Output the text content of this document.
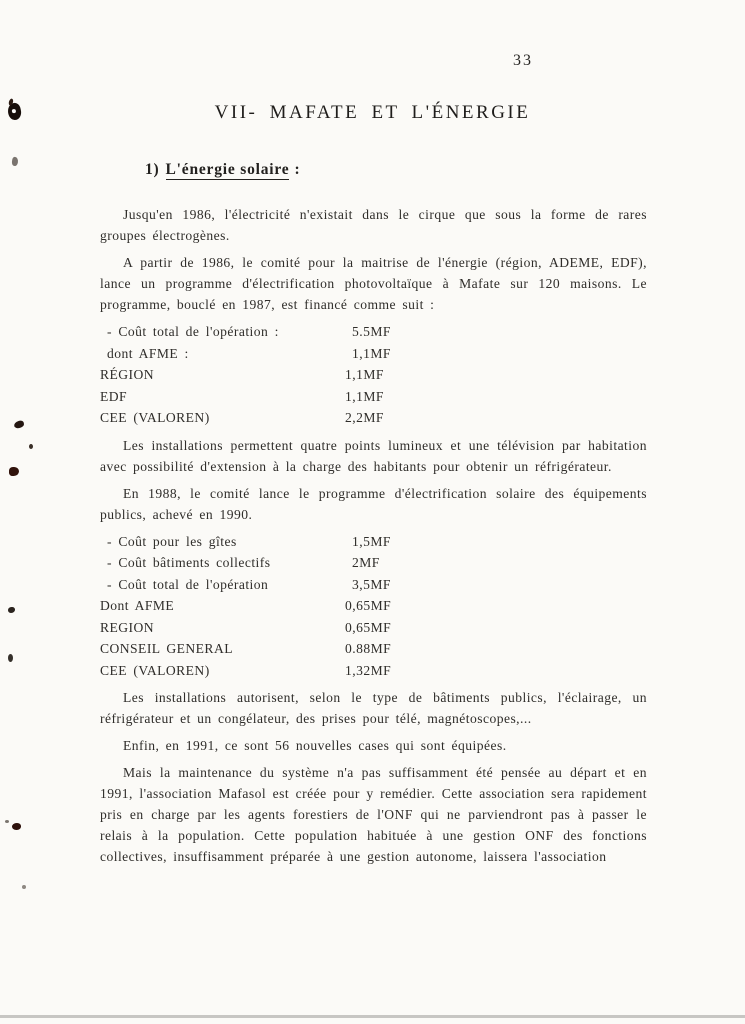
33
VII- MAFATE ET L'ÉNERGIE
1) L'énergie solaire :

Jusqu'en 1986, l'électricité n'existait dans le cirque que sous la forme de rares groupes électrogènes.

A partir de 1986, le comité pour la maitrise de l'énergie (région, ADEME, EDF), lance un programme d'électrification photovoltaïque à Mafate sur 120 maisons. Le programme, bouclé en 1987, est financé comme suit :

- Coût total de l'opération :	5.5MF
dont AFME :	1,1MF
RÉGION	1,1MF
EDF	1,1MF
CEE (VALOREN)	2,2MF

Les installations permettent quatre points lumineux et une télévision par habitation avec possibilité d'extension à la charge des habitants pour obtenir un réfrigérateur.

En 1988, le comité lance le programme d'électrification solaire des équipements publics, achevé en 1990.

- Coût pour les gîtes	1,5MF
- Coût bâtiments collectifs	2MF
- Coût total de l'opération	3,5MF
Dont AFME	0,65MF
REGION	0,65MF
CONSEIL GENERAL	0.88MF
CEE (VALOREN)	1,32MF

Les installations autorisent, selon le type de bâtiments publics, l'éclairage, un réfrigérateur et un congélateur, des prises pour télé, magnétoscopes,...

Enfin, en 1991, ce sont 56 nouvelles cases qui sont équipées.

Mais la maintenance du système n'a pas suffisamment été pensée au départ et en 1991, l'association Mafasol est créée pour y remédier. Cette association sera rapidement pris en charge par les agents forestiers de l'ONF qui ne parviendront pas à passer le relais à la population. Cette population habituée à une gestion ONF des fonctions collectives, insuffisamment préparée à une gestion autonome, laissera l'association
